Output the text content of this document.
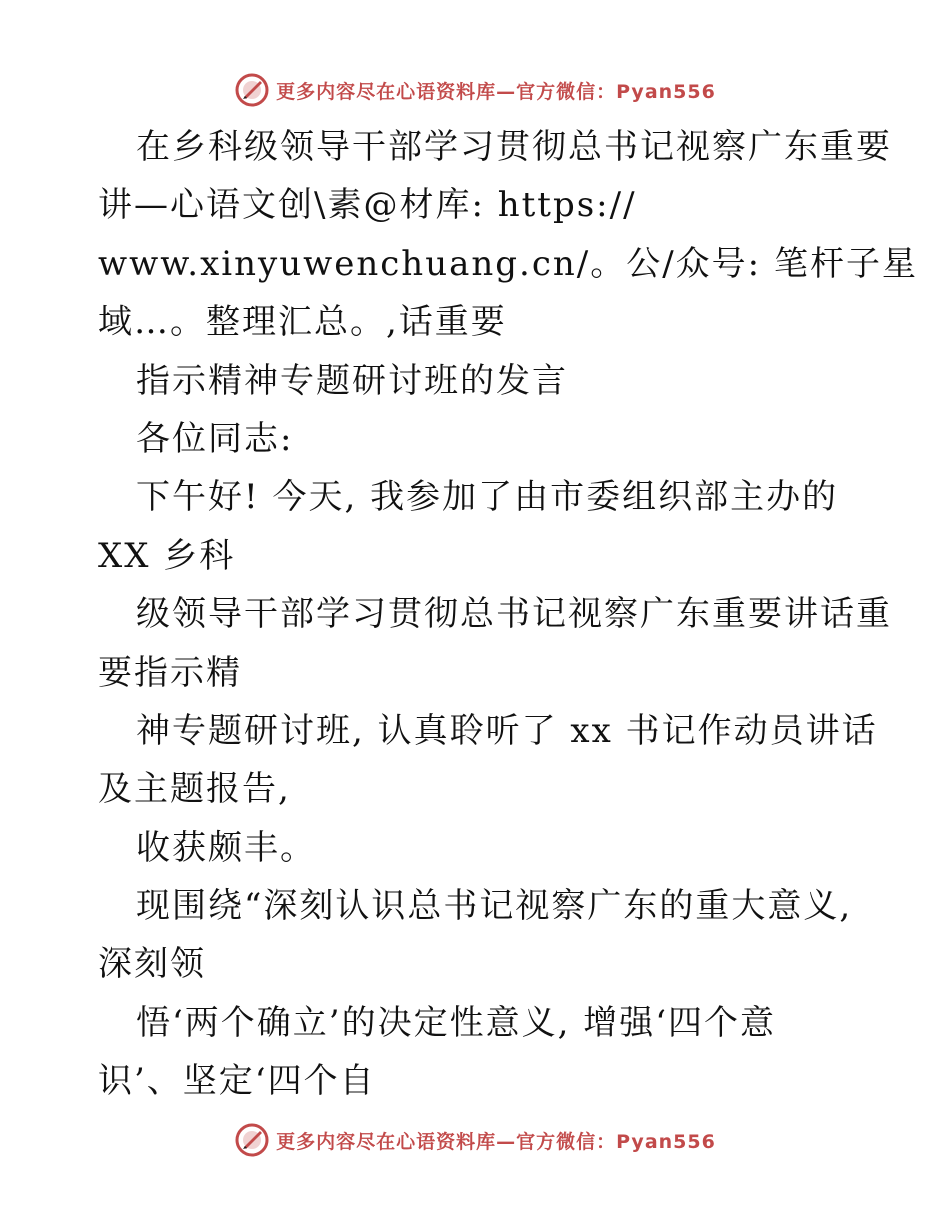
更多内容尽在心语资料库—官方微信：Pyan556
在乡科级领导干部学习贯彻总书记视察广东重要
讲—心语文创\素@材库: https://
www.xinyuwenchuang.cn/。公/众号: 笔杆子星
域…。整理汇总。,话重要
指示精神专题研讨班的发言
各位同志:
下午好! 今天, 我参加了由市委组织部主办的
XX 乡科
级领导干部学习贯彻总书记视察广东重要讲话重
要指示精
神专题研讨班, 认真聆听了 xx 书记作动员讲话
及主题报告,
收获颇丰。
现围绕“深刻认识总书记视察广东的重大意义,
深刻领
悟‘两个确立’的决定性意义, 增强‘四个意
识’、坚定‘四个自
更多内容尽在心语资料库—官方微信：Pyan556
